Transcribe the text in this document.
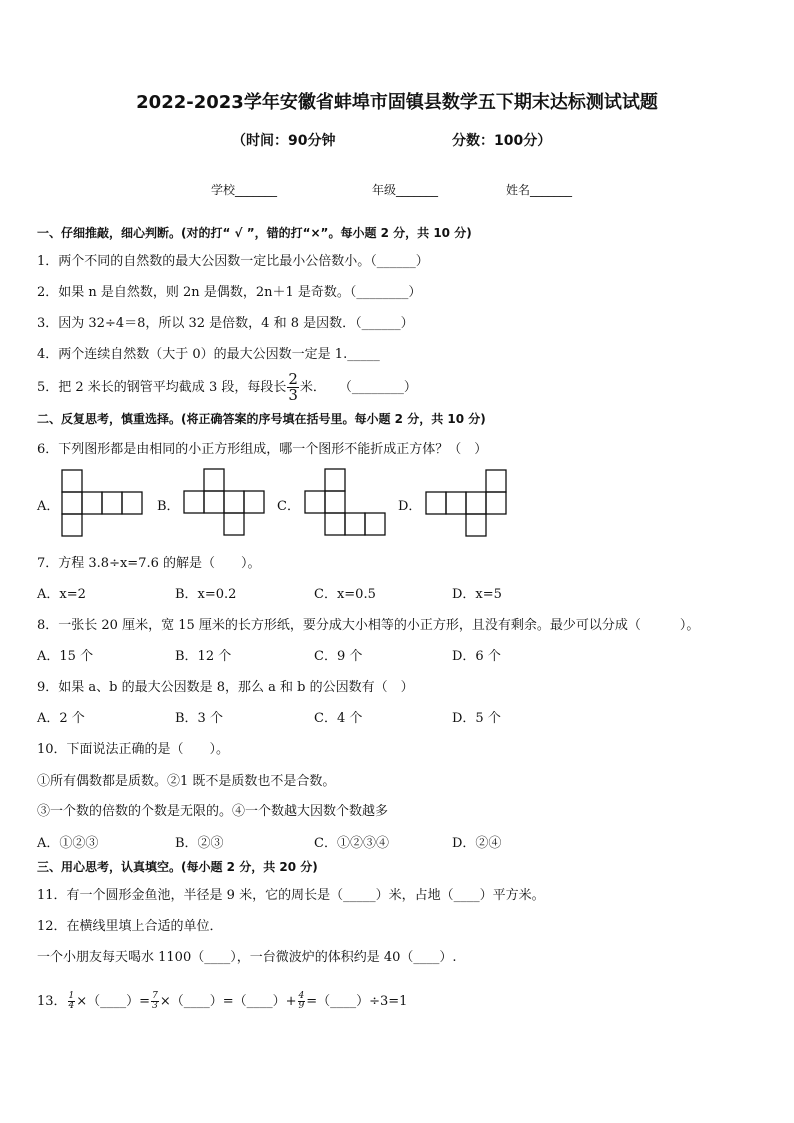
2022-2023学年安徽省蚌埠市固镇县数学五下期末达标测试试题
（时间：90分钟	分数：100分）
学校_______	年级_______	姓名_______
一、仔细推敲，细心判断。(对的打“ √ ”，错的打“×”。每小题 2 分，共 10 分)
1．两个不同的自然数的最大公因数一定比最小公倍数小。（______）
2．如果 n 是自然数，则 2n 是偶数，2n＋1 是奇数。（________）
3．因为 32÷4＝8，所以 32 是倍数，4 和 8 是因数．（______）
4．两个连续自然数（大于 0）的最大公因数一定是 1._____
5．把 2 米长的钢管平均截成 3 段，每段长 $\frac{2}{3}$ 米．　　（________）
二、反复思考，慎重选择。(将正确答案的序号填在括号里。每小题 2 分，共 10 分)
6．下列图形都是由相同的小正方形组成，哪一个图形不能折成正方体？（　）
A．	B．	C．	D．
7．方程 3.8÷x=7.6 的解是（　　）。
A．x=2	B．x=0.2	C．x=0.5	D．x=5
8．一张长 20 厘米，宽 15 厘米的长方形纸，要分成大小相等的小正方形，且没有剩余。最少可以分成（　　　）。
A．15 个	B．12 个	C．9 个	D．6 个
9．如果 a、b 的最大公因数是 8，那么 a 和 b 的公因数有（　）
A．2 个	B．3 个	C．4 个	D．5 个
10．下面说法正确的是（　　）。
①所有偶数都是质数。②1 既不是质数也不是合数。
③一个数的倍数的个数是无限的。④一个数越大因数个数越多
A．①②③	B．②③	C．①②③④	D．②④
三、用心思考，认真填空。(每小题 2 分，共 20 分)
11．有一个圆形金鱼池，半径是 9 米，它的周长是（_____）米，占地（____）平方米。
12．在横线里填上合适的单位．
一个小朋友每天喝水 1100（____），一台微波炉的体积约是 40（____）.
13． $\frac{1}{4}$ ×（____）= $\frac{7}{3}$ ×（____）=（____）+ $\frac{4}{9}$ =（____）÷3=1
